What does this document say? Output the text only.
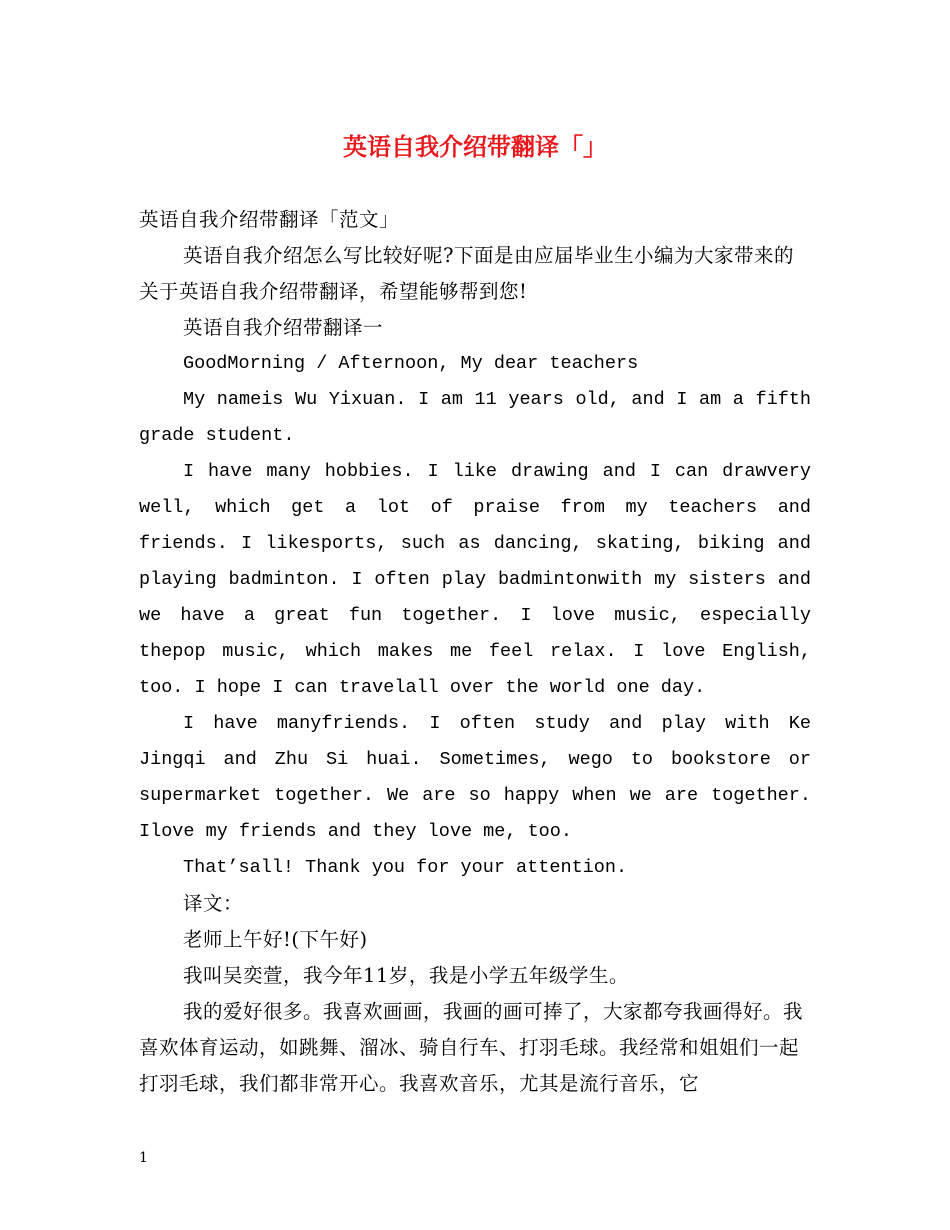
英语自我介绍带翻译「」

英语自我介绍带翻译「范文」

英语自我介绍怎么写比较好呢?下面是由应届毕业生小编为大家带来的关于英语自我介绍带翻译，希望能够帮到您!

英语自我介绍带翻译一

GoodMorning / Afternoon, My dear teachers

My nameis Wu Yixuan. I am 11 years old, and I am a fifth grade student.

I have many hobbies. I like drawing and I can drawvery well, which get a lot of praise from my teachers and friends. I likesports, such as dancing, skating, biking and playing badminton. I often play badmintonwith my sisters and we have a great fun together. I love music, especially thepop music, which makes me feel relax. I love English, too. I hope I can travelall over the world one day.

I have manyfriends. I often study and play with Ke Jingqi and Zhu Si huai. Sometimes, wego to bookstore or supermarket together. We are so happy when we are together. Ilove my friends and they love me, too.

That’sall! Thank you for your attention.

译文：

老师上午好!(下午好)

我叫吴奕萱，我今年11岁，我是小学五年级学生。

我的爱好很多。我喜欢画画，我画的画可捧了，大家都夸我画得好。我喜欢体育运动，如跳舞、溜冰、骑自行车、打羽毛球。我经常和姐姐们一起打羽毛球，我们都非常开心。我喜欢音乐，尤其是流行音乐，它

1
